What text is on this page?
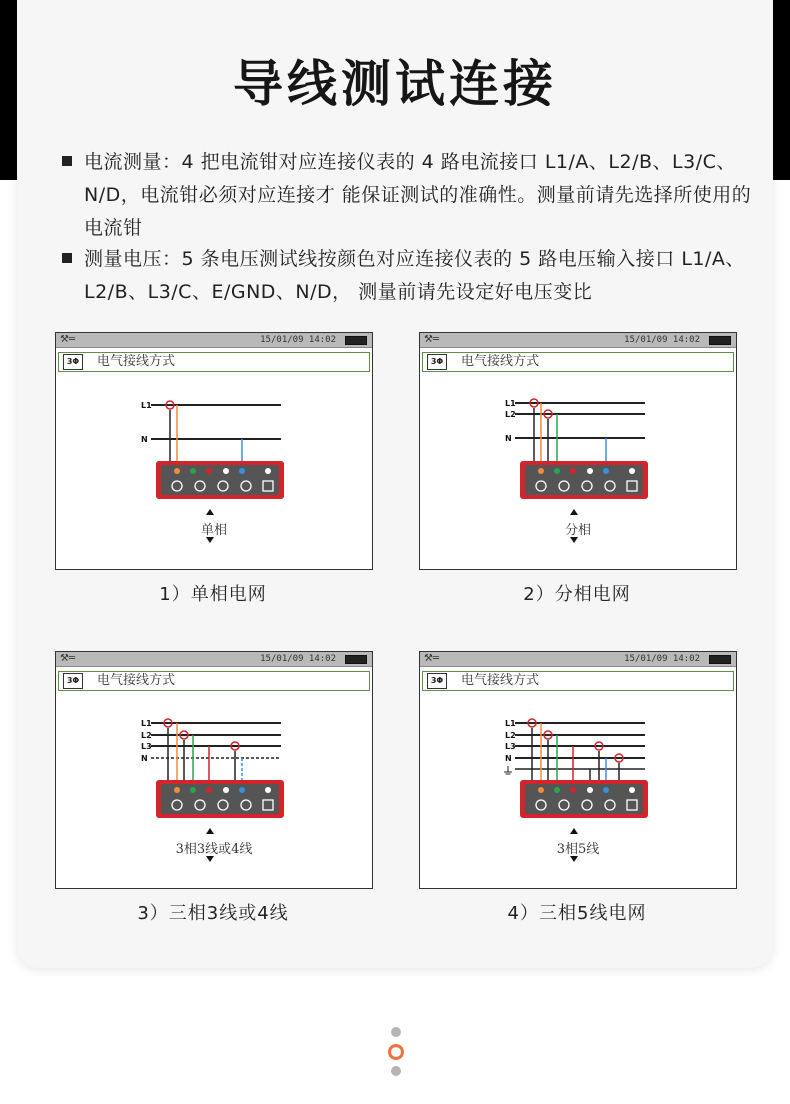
导线测试连接
电流测量：4 把电流钳对应连接仪表的 4 路电流接口 L1/A、L2/B、L3/C、N/D，电流钳必须对应连接才 能保证测试的准确性。测量前请先选择所使用的电流钳
测量电压：5 条电压测试线按颜色对应连接仪表的 5 路电压输入接口 L1/A、L2/B、L3/C、E/GND、N/D， 测量前请先设定好电压变比
⚒═	15/01/09 14:02
3Φ 电气接线方式
L1
N
单相
1）单相电网
⚒═	15/01/09 14:02
3Φ 电气接线方式
L1
L2
N
分相
2）分相电网
⚒═	15/01/09 14:02
3Φ 电气接线方式
L1
L2
L3
N
3相3线或4线
3）三相3线或4线
⚒═	15/01/09 14:02
3Φ 电气接线方式
L1
L2
L3
N
3相5线
4）三相5线电网
